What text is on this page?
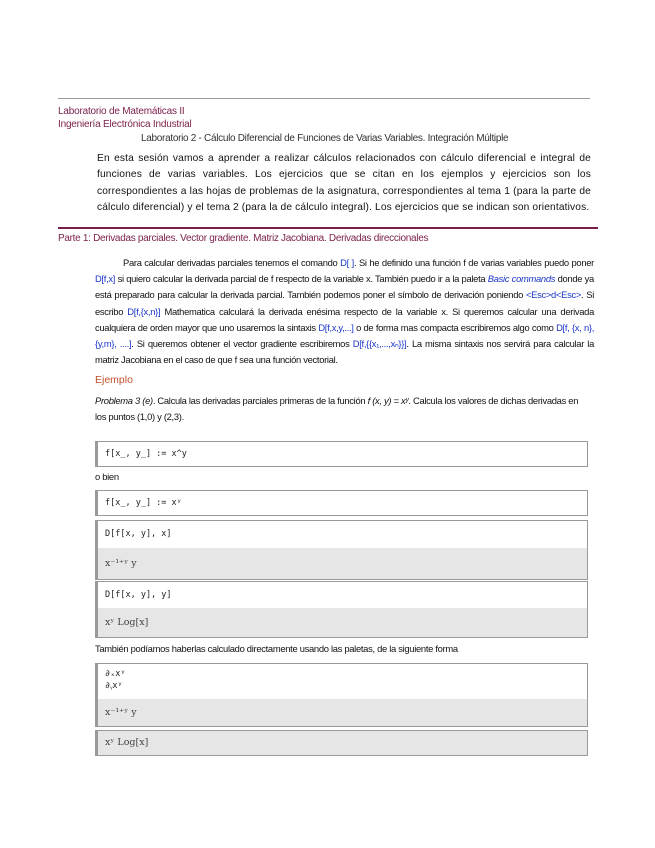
Laboratorio de Matemáticas II
Ingeniería Electrónica Industrial
Laboratorio 2 - Cálculo Diferencial de Funciones de Varias Variables. Integración Múltiple
En esta sesión vamos a aprender a realizar cálculos relacionados con cálculo diferencial e integral de funciones de varias variables. Los ejercicios que se citan en los ejemplos y ejercicios son los correspondientes a las hojas de problemas de la asignatura, correspondientes al tema 1 (para la parte de cálculo diferencial) y el tema 2 (para la de cálculo integral). Los ejercicios que se indican son orientativos.
Parte 1: Derivadas parciales. Vector gradiente. Matriz Jacobiana. Derivadas direccionales
Para calcular derivadas parciales tenemos el comando D[ ]. Si he definido una función f de varias variables puedo poner D[f,x] si quiero calcular la derivada parcial de f respecto de la variable x. También puedo ir a la paleta Basic commands donde ya está preparado para calcular la derivada parcial. También podemos poner el símbolo de derivación poniendo <Esc>d<Esc>. Si escribo D[f,{x,n}] Mathematica calculará la derivada enésima respecto de la variable x. Si queremos calcular una derivada cualquiera de orden mayor que uno usaremos la sintaxis D[f,x,y,...] o de forma mas compacta escribiremos algo como D[f, {x, n}, {y,m}, ....]. Si queremos obtener el vector gradiente escribiremos D[f,{{x₁,...,xₙ}}]. La misma sintaxis nos servirá para calcular la matriz Jacobiana en el caso de que f sea una función vectorial.
Ejemplo
Problema 3 (e). Calcula las derivadas parciales primeras de la función f (x, y) = xʸ. Calcula los valores de dichas derivadas en los puntos (1,0) y (2,3).
f[x_, y_] := x^y
o bien
f[x_, y_] := xʸ
D[f[x, y], x]
x⁻¹⁺ʸ y
D[f[x, y], y]
xʸ Log[x]
También podíamos haberlas calculado directamente usando las paletas, de la siguiente forma
∂ₓxʸ
∂ᵧxʸ
x⁻¹⁺ʸ y
xʸ Log[x]
